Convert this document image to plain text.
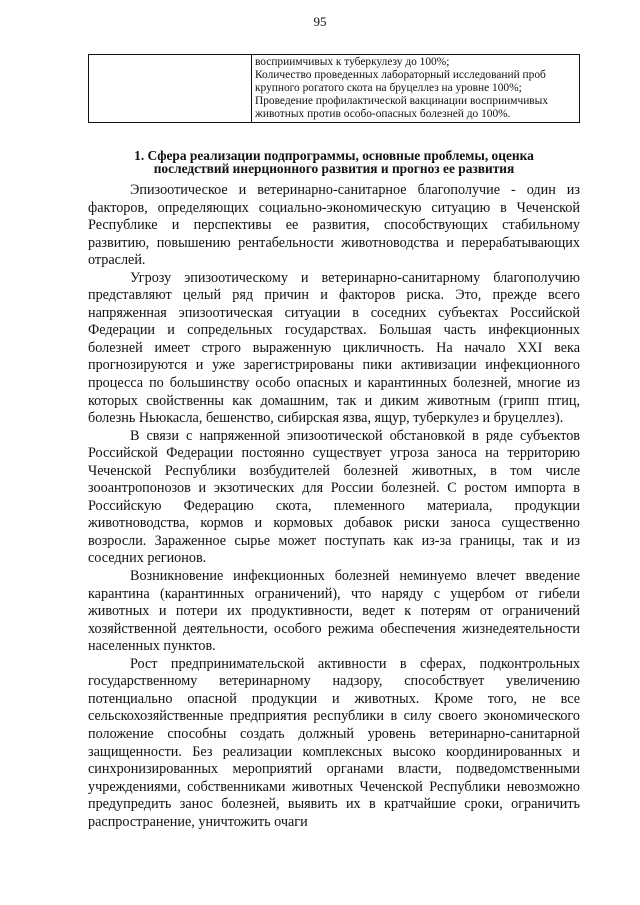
95

восприимчивых к туберкулезу до 100%;
Количество проведенных лабораторный исследований проб
крупного рогатого скота на бруцеллез на уровне 100%;
Проведение профилактической вакцинации восприимчивых
животных против особо-опасных болезней до 100%.
1. Сфера реализации подпрограммы, основные проблемы, оценка
последствий инерционного развития и прогноз ее развития

Эпизоотическое и ветеринарно-санитарное благополучие - один из факторов, определяющих социально-экономическую ситуацию в Чеченской Республике и перспективы ее развития, способствующих стабильному развитию, повышению рентабельности животноводства и перерабатывающих отраслей.

Угрозу эпизоотическому и ветеринарно-санитарному благополучию представляют целый ряд причин и факторов риска. Это, прежде всего напряженная эпизоотическая ситуации в соседних субъектах Российской Федерации и сопредельных государствах. Большая часть инфекционных болезней имеет строго выраженную цикличность. На начало XXI века прогнозируются и уже зарегистрированы пики активизации инфекционного процесса по большинству особо опасных и карантинных болезней, многие из которых свойственны как домашним, так и диким животным (грипп птиц, болезнь Ньюкасла, бешенство, сибирская язва, ящур, туберкулез и бруцеллез).

В связи с напряженной эпизоотической обстановкой в ряде субъектов Российской Федерации постоянно существует угроза заноса на территорию Чеченской Республики возбудителей болезней животных, в том числе зооантропонозов и экзотических для России болезней. С ростом импорта в Российскую Федерацию скота, племенного материала, продукции животноводства, кормов и кормовых добавок риски заноса существенно возросли. Зараженное сырье может поступать как из-за границы, так и из соседних регионов.

Возникновение инфекционных болезней неминуемо влечет введение карантина (карантинных ограничений), что наряду с ущербом от гибели животных и потери их продуктивности, ведет к потерям от ограничений хозяйственной деятельности, особого режима обеспечения жизнедеятельности населенных пунктов.

Рост предпринимательской активности в сферах, подконтрольных государственному ветеринарному надзору, способствует увеличению потенциально опасной продукции и животных. Кроме того, не все сельскохозяйственные предприятия республики в силу своего экономического положение способны создать должный уровень ветеринарно-санитарной защищенности. Без реализации комплексных высоко координированных и синхронизированных мероприятий органами власти, подведомственными учреждениями, собственниками животных Чеченской Республики невозможно предупредить занос болезней, выявить их в кратчайшие сроки, ограничить распространение, уничтожить очаги
